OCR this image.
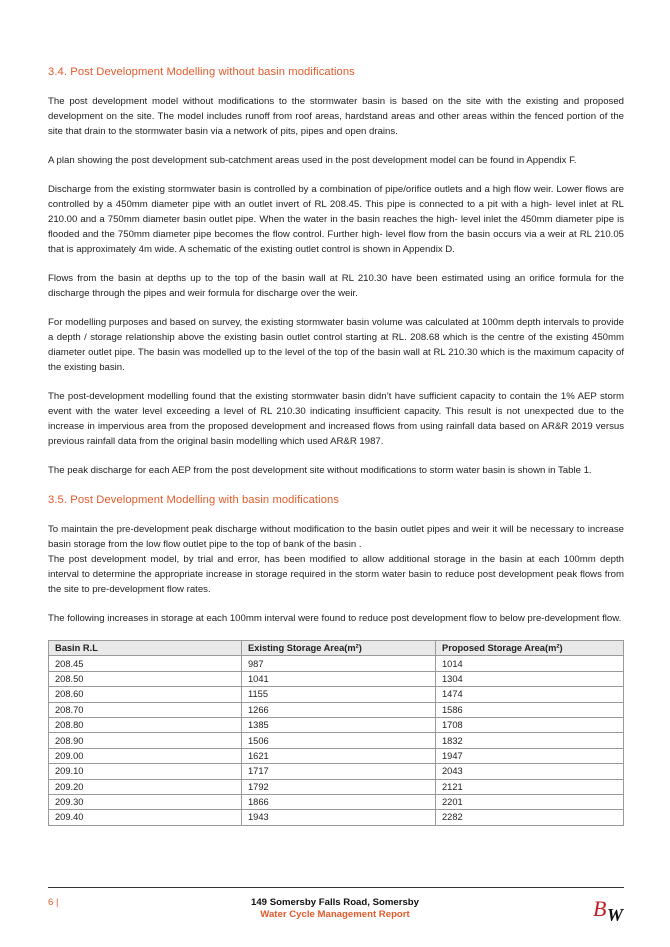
3.4. Post Development Modelling without basin modifications

The post development model without modifications to the stormwater basin is based on the site with the existing and proposed development on the site. The model includes runoff from roof areas, hardstand areas and other areas within the fenced portion of the site that drain to the stormwater basin via a network of pits, pipes and open drains.

A plan showing the post development sub-catchment areas used in the post development model can be found in Appendix F.

Discharge from the existing stormwater basin is controlled by a combination of pipe/orifice outlets and a high flow weir. Lower flows are controlled by a 450mm diameter pipe with an outlet invert of RL 208.45. This pipe is connected to a pit with a high- level inlet at RL 210.00 and a 750mm diameter basin outlet pipe. When the water in the basin reaches the high- level inlet the 450mm diameter pipe is flooded and the 750mm diameter pipe becomes the flow control. Further high- level flow from the basin occurs via a weir at RL 210.05 that is approximately 4m wide. A schematic of the existing outlet control is shown in Appendix D.

Flows from the basin at depths up to the top of the basin wall at RL 210.30 have been estimated using an orifice formula for the discharge through the pipes and weir formula for discharge over the weir.

For modelling purposes and based on survey, the existing stormwater basin volume was calculated at 100mm depth intervals to provide a depth / storage relationship above the existing basin outlet control starting at RL. 208.68 which is the centre of the existing 450mm diameter outlet pipe. The basin was modelled up to the level of the top of the basin wall at RL 210.30 which is the maximum capacity of the existing basin.

The post-development modelling found that the existing stormwater basin didn’t have sufficient capacity to contain the 1% AEP storm event with the water level exceeding a level of RL 210.30 indicating insufficient capacity. This result is not unexpected due to the increase in impervious area from the proposed development and increased flows from using rainfall data based on AR&R 2019 versus previous rainfall data from the original basin modelling which used AR&R 1987.

The peak discharge for each AEP from the post development site without modifications to storm water basin is shown in Table 1.

3.5. Post Development Modelling with basin modifications

To maintain the pre-development peak discharge without modification to the basin outlet pipes and weir it will be necessary to increase basin storage from the low flow outlet pipe to the top of bank of the basin .

The post development model, by trial and error, has been modified to allow additional storage in the basin at each 100mm depth interval to determine the appropriate increase in storage required in the storm water basin to reduce post development peak flows from the site to pre-development flow rates.

The following increases in storage at each 100mm interval were found to reduce post development flow to below pre-development flow.

Basin R.L	Existing Storage Area(m²)	Proposed Storage Area(m²)
208.45	987	1014
208.50	1041	1304
208.60	1155	1474
208.70	1266	1586
208.80	1385	1708
208.90	1506	1832
209.00	1621	1947
209.10	1717	2043
209.20	1792	2121
209.30	1866	2201
209.40	1943	2282
6 |	149 Somersby Falls Road, Somersby
Water Cycle Management Report	B W
